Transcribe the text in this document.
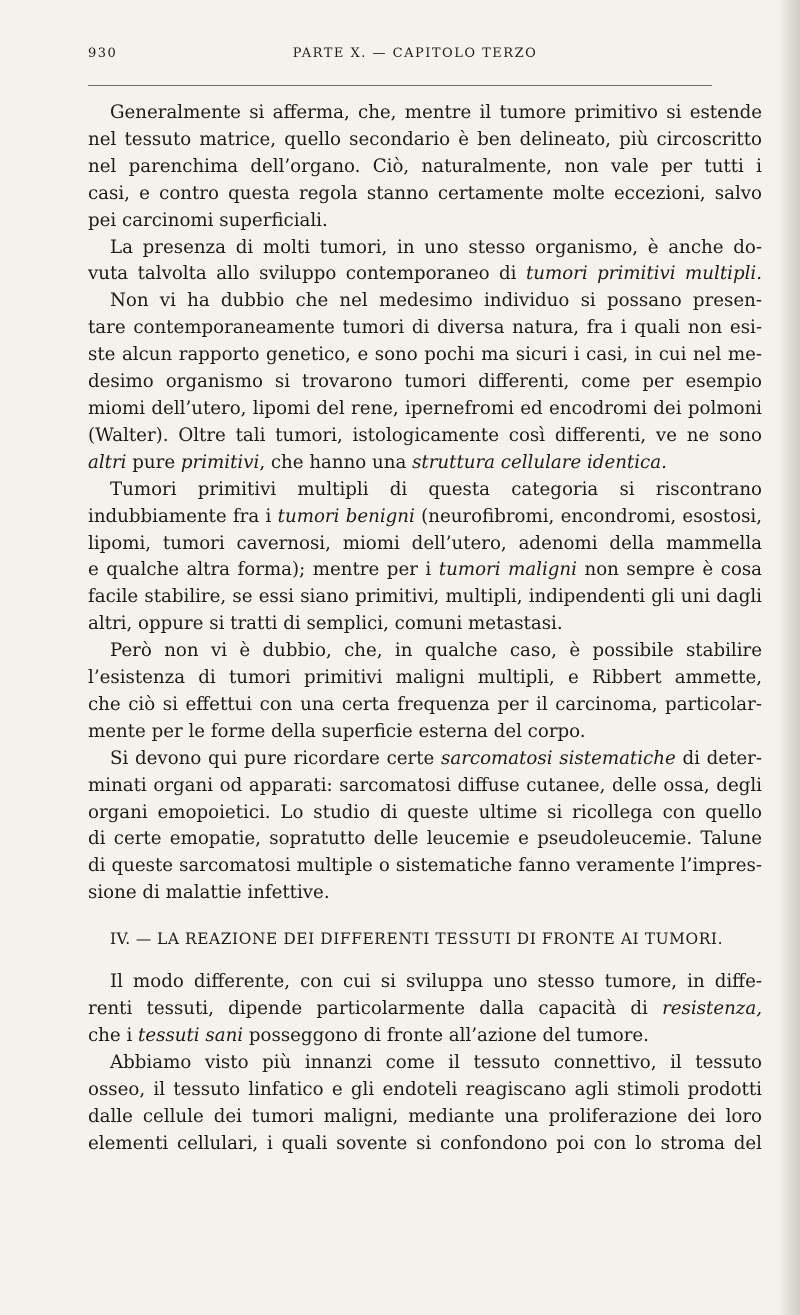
930	PARTE X. — CAPITOLO TERZO

Generalmente si afferma, che, mentre il tumore primitivo si estende
nel tessuto matrice, quello secondario è ben delineato, più circoscritto
nel parenchima dell’organo. Ciò, naturalmente, non vale per tutti i
casi, e contro questa regola stanno certamente molte eccezioni, salvo
pei carcinomi superficiali.

La presenza di molti tumori, in uno stesso organismo, è anche do-
vuta talvolta allo sviluppo contemporaneo di tumori primitivi multipli.
Non vi ha dubbio che nel medesimo individuo si possano presen-
tare contemporaneamente tumori di diversa natura, fra i quali non esi-
ste alcun rapporto genetico, e sono pochi ma sicuri i casi, in cui nel me-
desimo organismo si trovarono tumori differenti, come per esempio
miomi dell’utero, lipomi del rene, ipernefromi ed encodromi dei polmoni
(Walter). Oltre tali tumori, istologicamente così differenti, ve ne sono
altri pure primitivi, che hanno una struttura cellulare identica.

Tumori primitivi multipli di questa categoria si riscontrano
indubbiamente fra i tumori benigni (neurofibromi, encondromi, esostosi,
lipomi, tumori cavernosi, miomi dell’utero, adenomi della mammella
e qualche altra forma); mentre per i tumori maligni non sempre è cosa
facile stabilire, se essi siano primitivi, multipli, indipendenti gli uni dagli
altri, oppure si tratti di semplici, comuni metastasi.

Però non vi è dubbio, che, in qualche caso, è possibile stabilire
l’esistenza di tumori primitivi maligni multipli, e Ribbert ammette,
che ciò si effettui con una certa frequenza per il carcinoma, particolar-
mente per le forme della superficie esterna del corpo.

Si devono qui pure ricordare certe sarcomatosi sistematiche di deter-
minati organi od apparati: sarcomatosi diffuse cutanee, delle ossa, degli
organi emopoietici. Lo studio di queste ultime si ricollega con quello
di certe emopatie, sopratutto delle leucemie e pseudoleucemie. Talune
di queste sarcomatosi multiple o sistematiche fanno veramente l’impres-
sione di malattie infettive.

IV. — LA REAZIONE DEI DIFFERENTI TESSUTI DI FRONTE AI TUMORI.

Il modo differente, con cui si sviluppa uno stesso tumore, in diffe-
renti tessuti, dipende particolarmente dalla capacità di resistenza,
che i tessuti sani posseggono di fronte all’azione del tumore.

Abbiamo visto più innanzi come il tessuto connettivo, il tessuto
osseo, il tessuto linfatico e gli endoteli reagiscano agli stimoli prodotti
dalle cellule dei tumori maligni, mediante una proliferazione dei loro
elementi cellulari, i quali sovente si confondono poi con lo stroma del
